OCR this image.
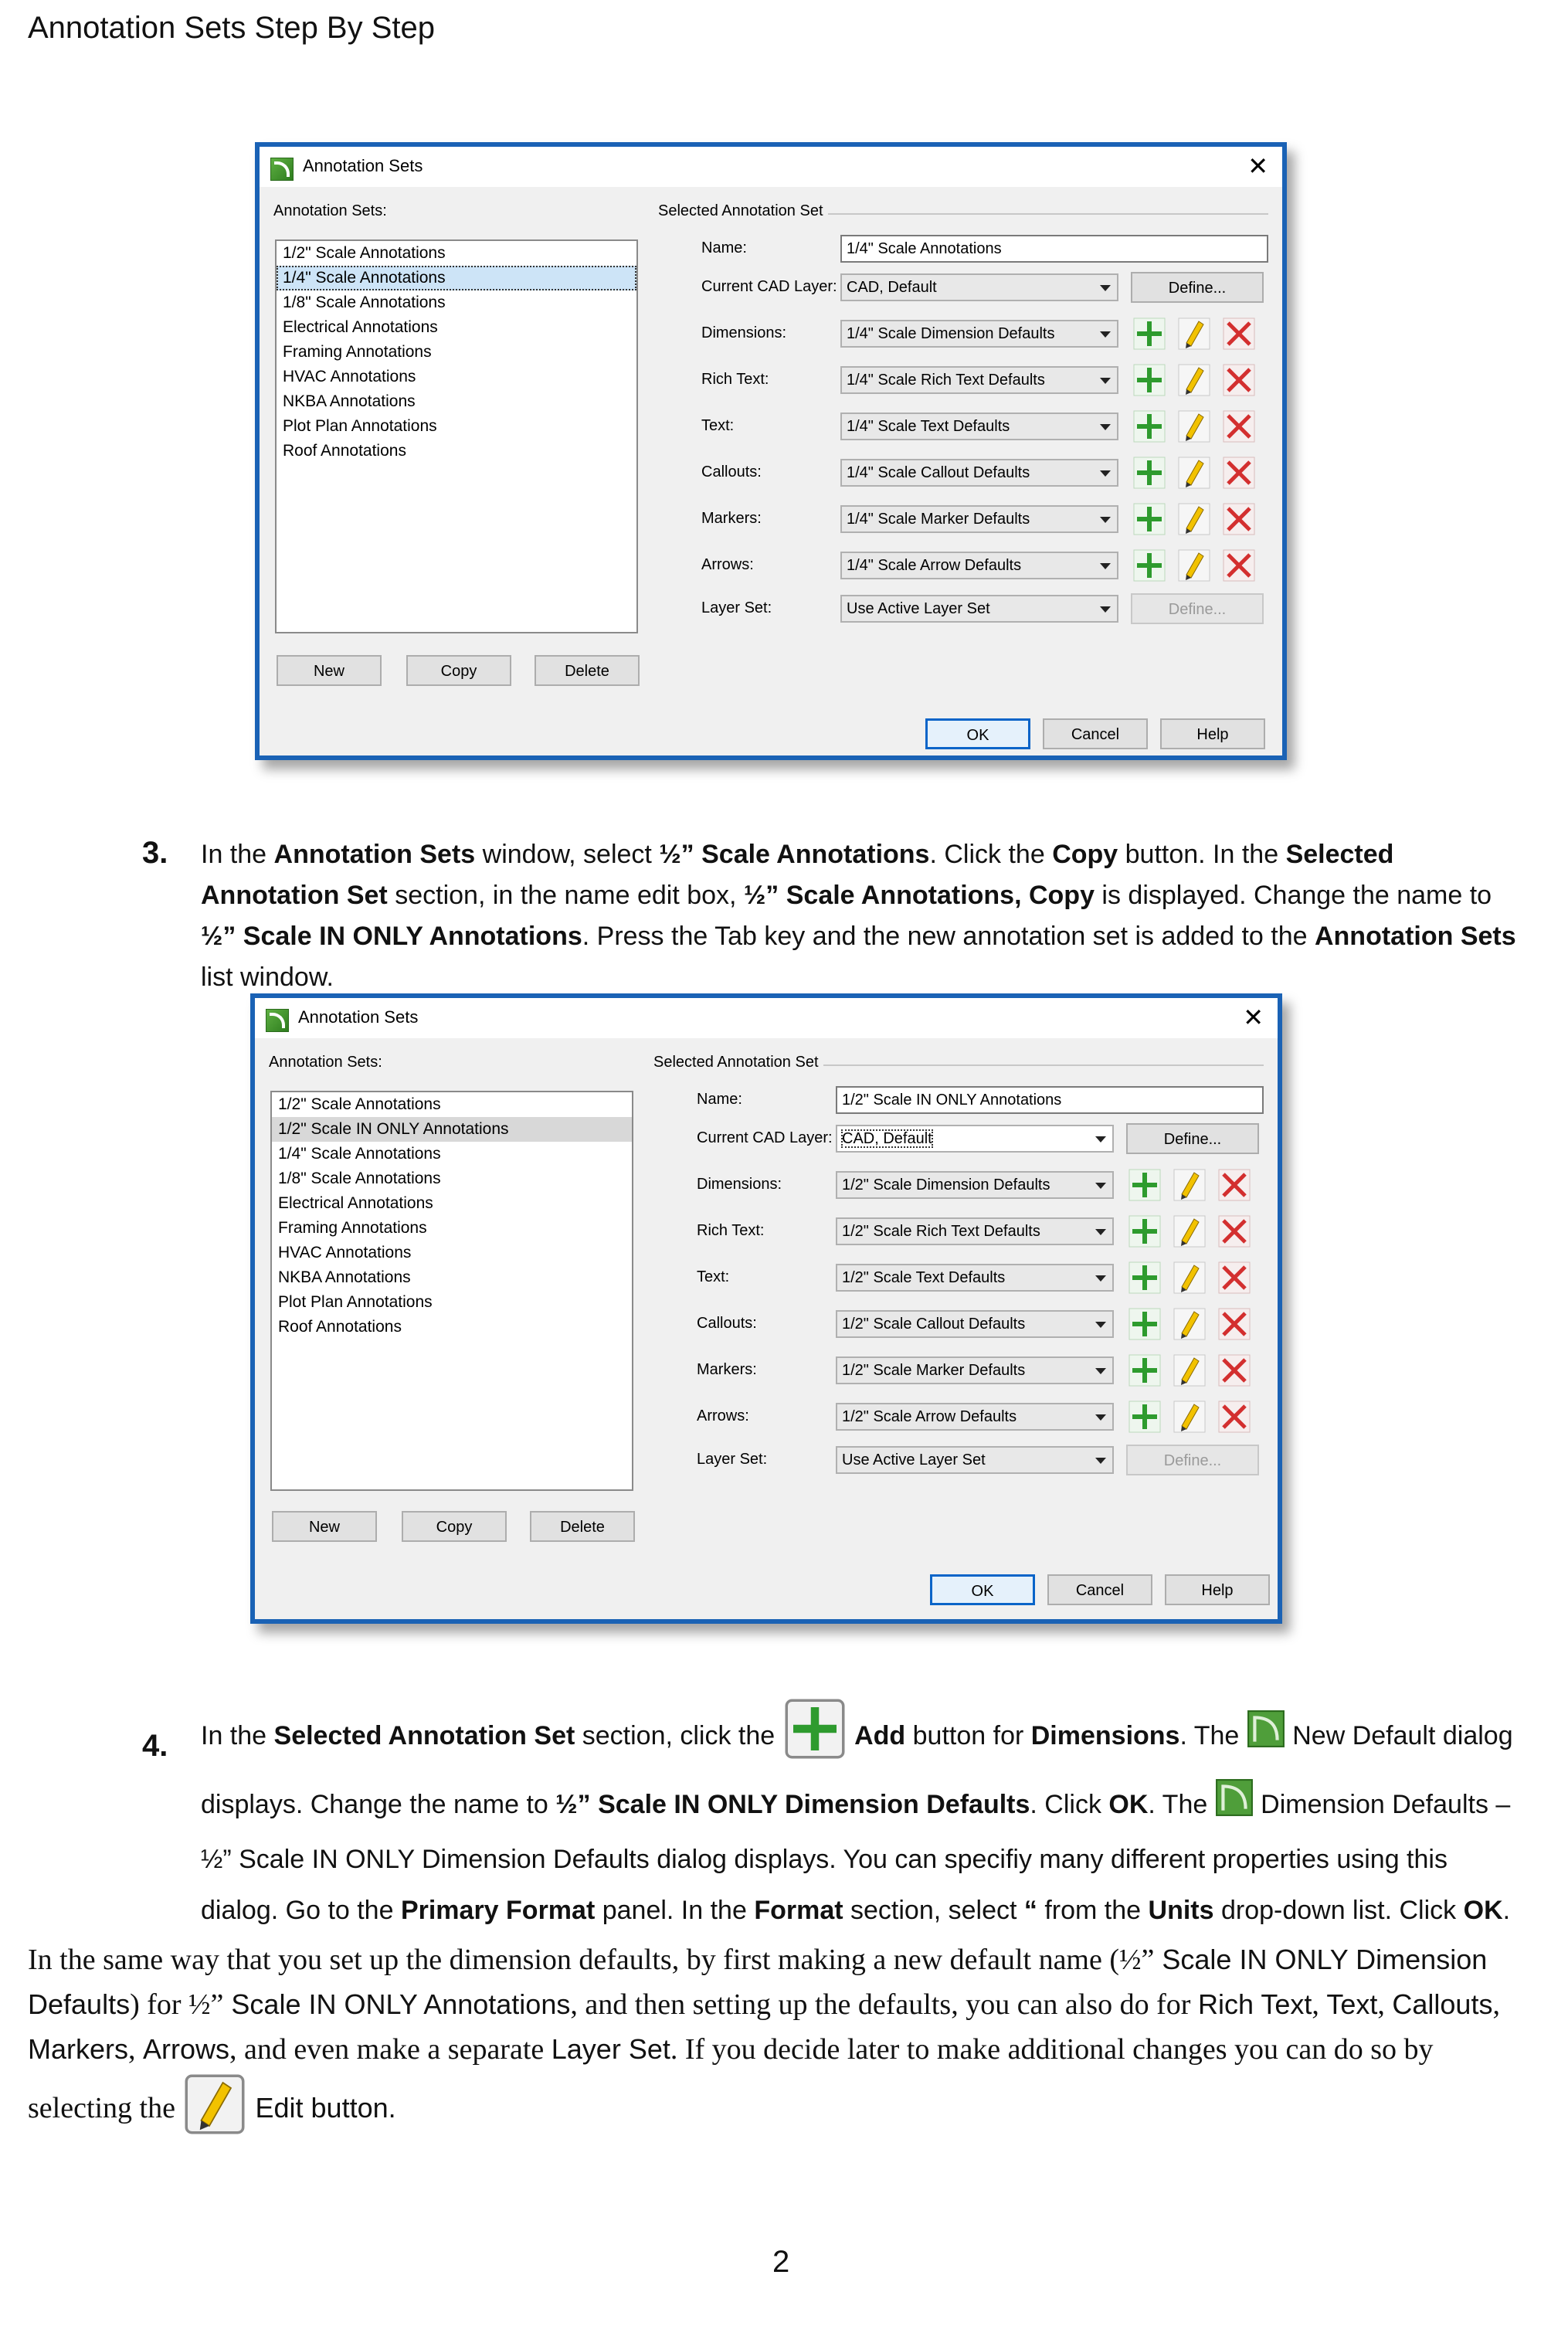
Annotation Sets Step By Step
Annotation Sets	✕
Annotation Sets:
1/2" Scale Annotations
1/4" Scale Annotations
1/8" Scale Annotations
Electrical Annotations
Framing Annotations
HVAC Annotations
NKBA Annotations
Plot Plan Annotations
Roof Annotations
Selected Annotation Set
Name:	1/4" Scale Annotations
Current CAD Layer: CAD, Default	Define...
Dimensions:	1/4" Scale Dimension Defaults
Rich Text:	1/4" Scale Rich Text Defaults
Text:	1/4" Scale Text Defaults
Callouts:	1/4" Scale Callout Defaults
Markers:	1/4" Scale Marker Defaults
Arrows:	1/4" Scale Arrow Defaults
Layer Set:	Use Active Layer Set	Define...
New	Copy	Delete
OK	Cancel	Help
3. In the Annotation Sets window, select ½” Scale Annotations. Click the Copy button. In the Selected Annotation Set section, in the name edit box, ½” Scale Annotations, Copy is displayed. Change the name to ½” Scale IN ONLY Annotations. Press the Tab key and the new annotation set is added to the Annotation Sets list window.
Annotation Sets	✕
Annotation Sets:
1/2" Scale Annotations
1/2" Scale IN ONLY Annotations
1/4" Scale Annotations
1/8" Scale Annotations
Electrical Annotations
Framing Annotations
HVAC Annotations
NKBA Annotations
Plot Plan Annotations
Roof Annotations
Selected Annotation Set
Name:	1/2" Scale IN ONLY Annotations
Current CAD Layer: CAD, Default	Define...
Dimensions:	1/2" Scale Dimension Defaults
Rich Text:	1/2" Scale Rich Text Defaults
Text:	1/2" Scale Text Defaults
Callouts:	1/2" Scale Callout Defaults
Markers:	1/2" Scale Marker Defaults
Arrows:	1/2" Scale Arrow Defaults
Layer Set:	Use Active Layer Set	Define...
New	Copy	Delete
OK	Cancel	Help
4. In the Selected Annotation Set section, click the	Add button for Dimensions. The  New Default dialog displays. Change the name to ½” Scale IN ONLY Dimension Defaults. Click OK. The  Dimension Defaults – ½” Scale IN ONLY Dimension Defaults dialog displays. You can specifiy many different properties using this dialog. Go to the Primary Format panel. In the Format section, select “ from the Units drop-down list. Click OK.
In the same way that you set up the dimension defaults, by first making a new default name (½” Scale IN ONLY Dimension Defaults) for ½” Scale IN ONLY Annotations, and then setting up the defaults, you can also do for Rich Text, Text, Callouts, Markers, Arrows, and even make a separate Layer Set. If you decide later to make additional changes you can do so by selecting the  Edit button.
2
